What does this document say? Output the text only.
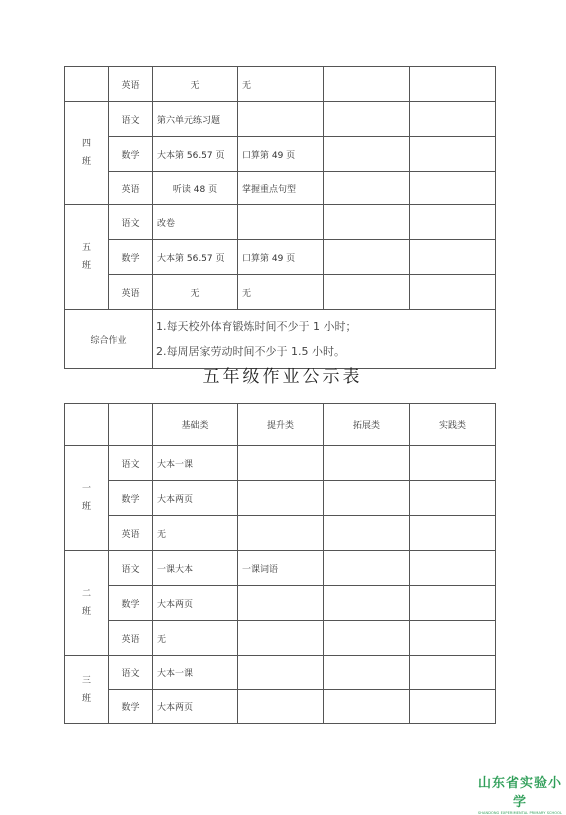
	英语	无	无		

四
班	语文	第六单元练习题			
	数学	大本第 56.57 页	口算第 49 页		
	英语	听读 48 页	掌握重点句型		

五
班	语文	改卷			
	数学	大本第 56.57 页	口算第 49 页		
	英语	无	无		
综合作业		1.每天校外体育锻炼时间不少于 1 小时；
2.每周居家劳动时间不少于 1.5 小时。			
五年级作业公示表
		基础类	提升类	拓展类	实践类

一
班	语文	大本一课			
	数学	大本两页			
	英语	无			

二
班	语文	一课大本	一课词语		
	数学	大本两页			
	英语	无			

三
班	语文	大本一课			
	数学	大本两页			
山东省实验小学
SHANDONG EXPERIMENTAL PRIMARY SCHOOL
